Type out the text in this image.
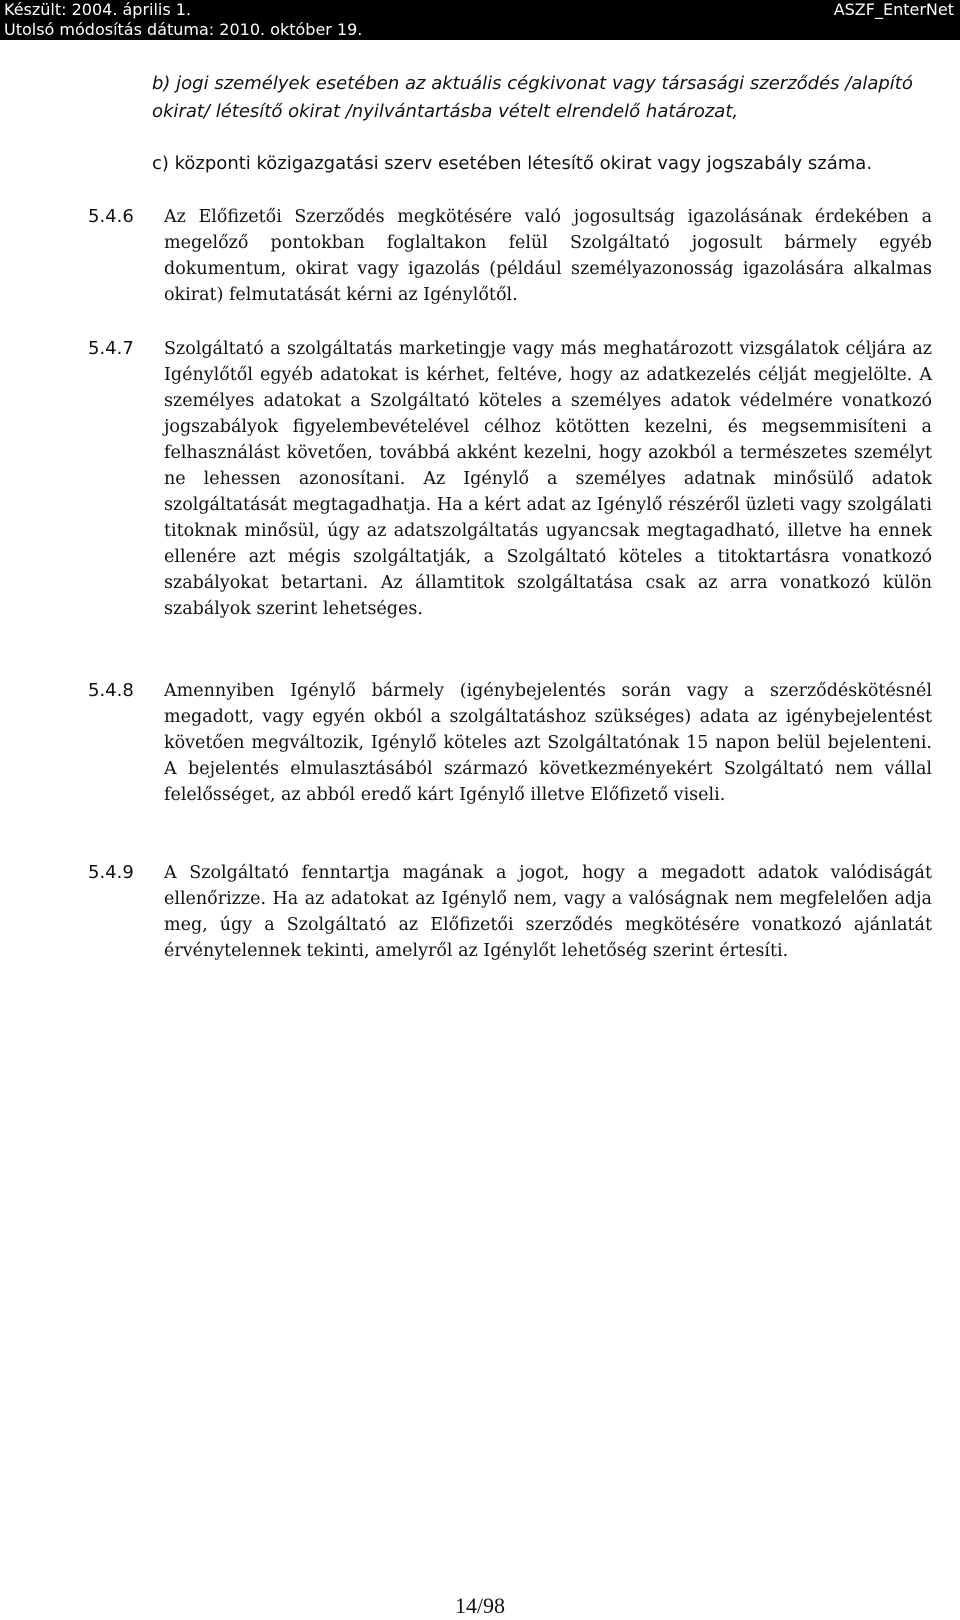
Készült: 2004. április 1.
Utolsó módosítás dátuma: 2010. október 19.
ASZF_EnterNet
b) jogi személyek esetében az aktuális cégkivonat vagy társasági szerződés /alapító okirat/ létesítő okirat /nyilvántartásba vételt elrendelő határozat,
c) központi közigazgatási szerv esetében létesítő okirat vagy jogszabály száma.
5.4.6	Az Előfizetői Szerződés megkötésére való jogosultság igazolásának érdekében a megelőző pontokban foglaltakon felül Szolgáltató jogosult bármely egyéb dokumentum, okirat vagy igazolás (például személyazonosság igazolására alkalmas okirat) felmutatását kérni az Igénylőtől.
5.4.7	Szolgáltató a szolgáltatás marketingje vagy más meghatározott vizsgálatok céljára az Igénylőtől egyéb adatokat is kérhet, feltéve, hogy az adatkezelés célját megjelölte. A személyes adatokat a Szolgáltató köteles a személyes adatok védelmére vonatkozó jogszabályok figyelembevételével célhoz kötötten kezelni, és megsemmisíteni a felhasználást követően, továbbá akként kezelni, hogy azokból a természetes személyt ne lehessen azonosítani. Az Igénylő a személyes adatnak minősülő adatok szolgáltatását megtagadhatja. Ha a kért adat az Igénylő részéről üzleti vagy szolgálati titoknak minősül, úgy az adatszolgáltatás ugyancsak megtagadható, illetve ha ennek ellenére azt mégis szolgáltatják, a Szolgáltató köteles a titoktartásra vonatkozó szabályokat betartani. Az államtitok szolgáltatása csak az arra vonatkozó külön szabályok szerint lehetséges.
5.4.8	Amennyiben Igénylő bármely (igénybejelentés során vagy a szerződéskötésnél megadott, vagy egyén okból a szolgáltatáshoz szükséges) adata az igénybejelentést követően megváltozik, Igénylő köteles azt Szolgáltatónak 15 napon belül bejelenteni. A bejelentés elmulasztásából származó következményekért Szolgáltató nem vállal felelősséget, az abból eredő kárt Igénylő illetve Előfizető viseli.
5.4.9	A Szolgáltató fenntartja magának a jogot, hogy a megadott adatok valódiságát ellenőrizze. Ha az adatokat az Igénylő nem, vagy a valóságnak nem megfelelően adja meg, úgy a Szolgáltató az Előfizetői szerződés megkötésére vonatkozó ajánlatát érvénytelennek tekinti, amelyről az Igénylőt lehetőség szerint értesíti.
14/98
